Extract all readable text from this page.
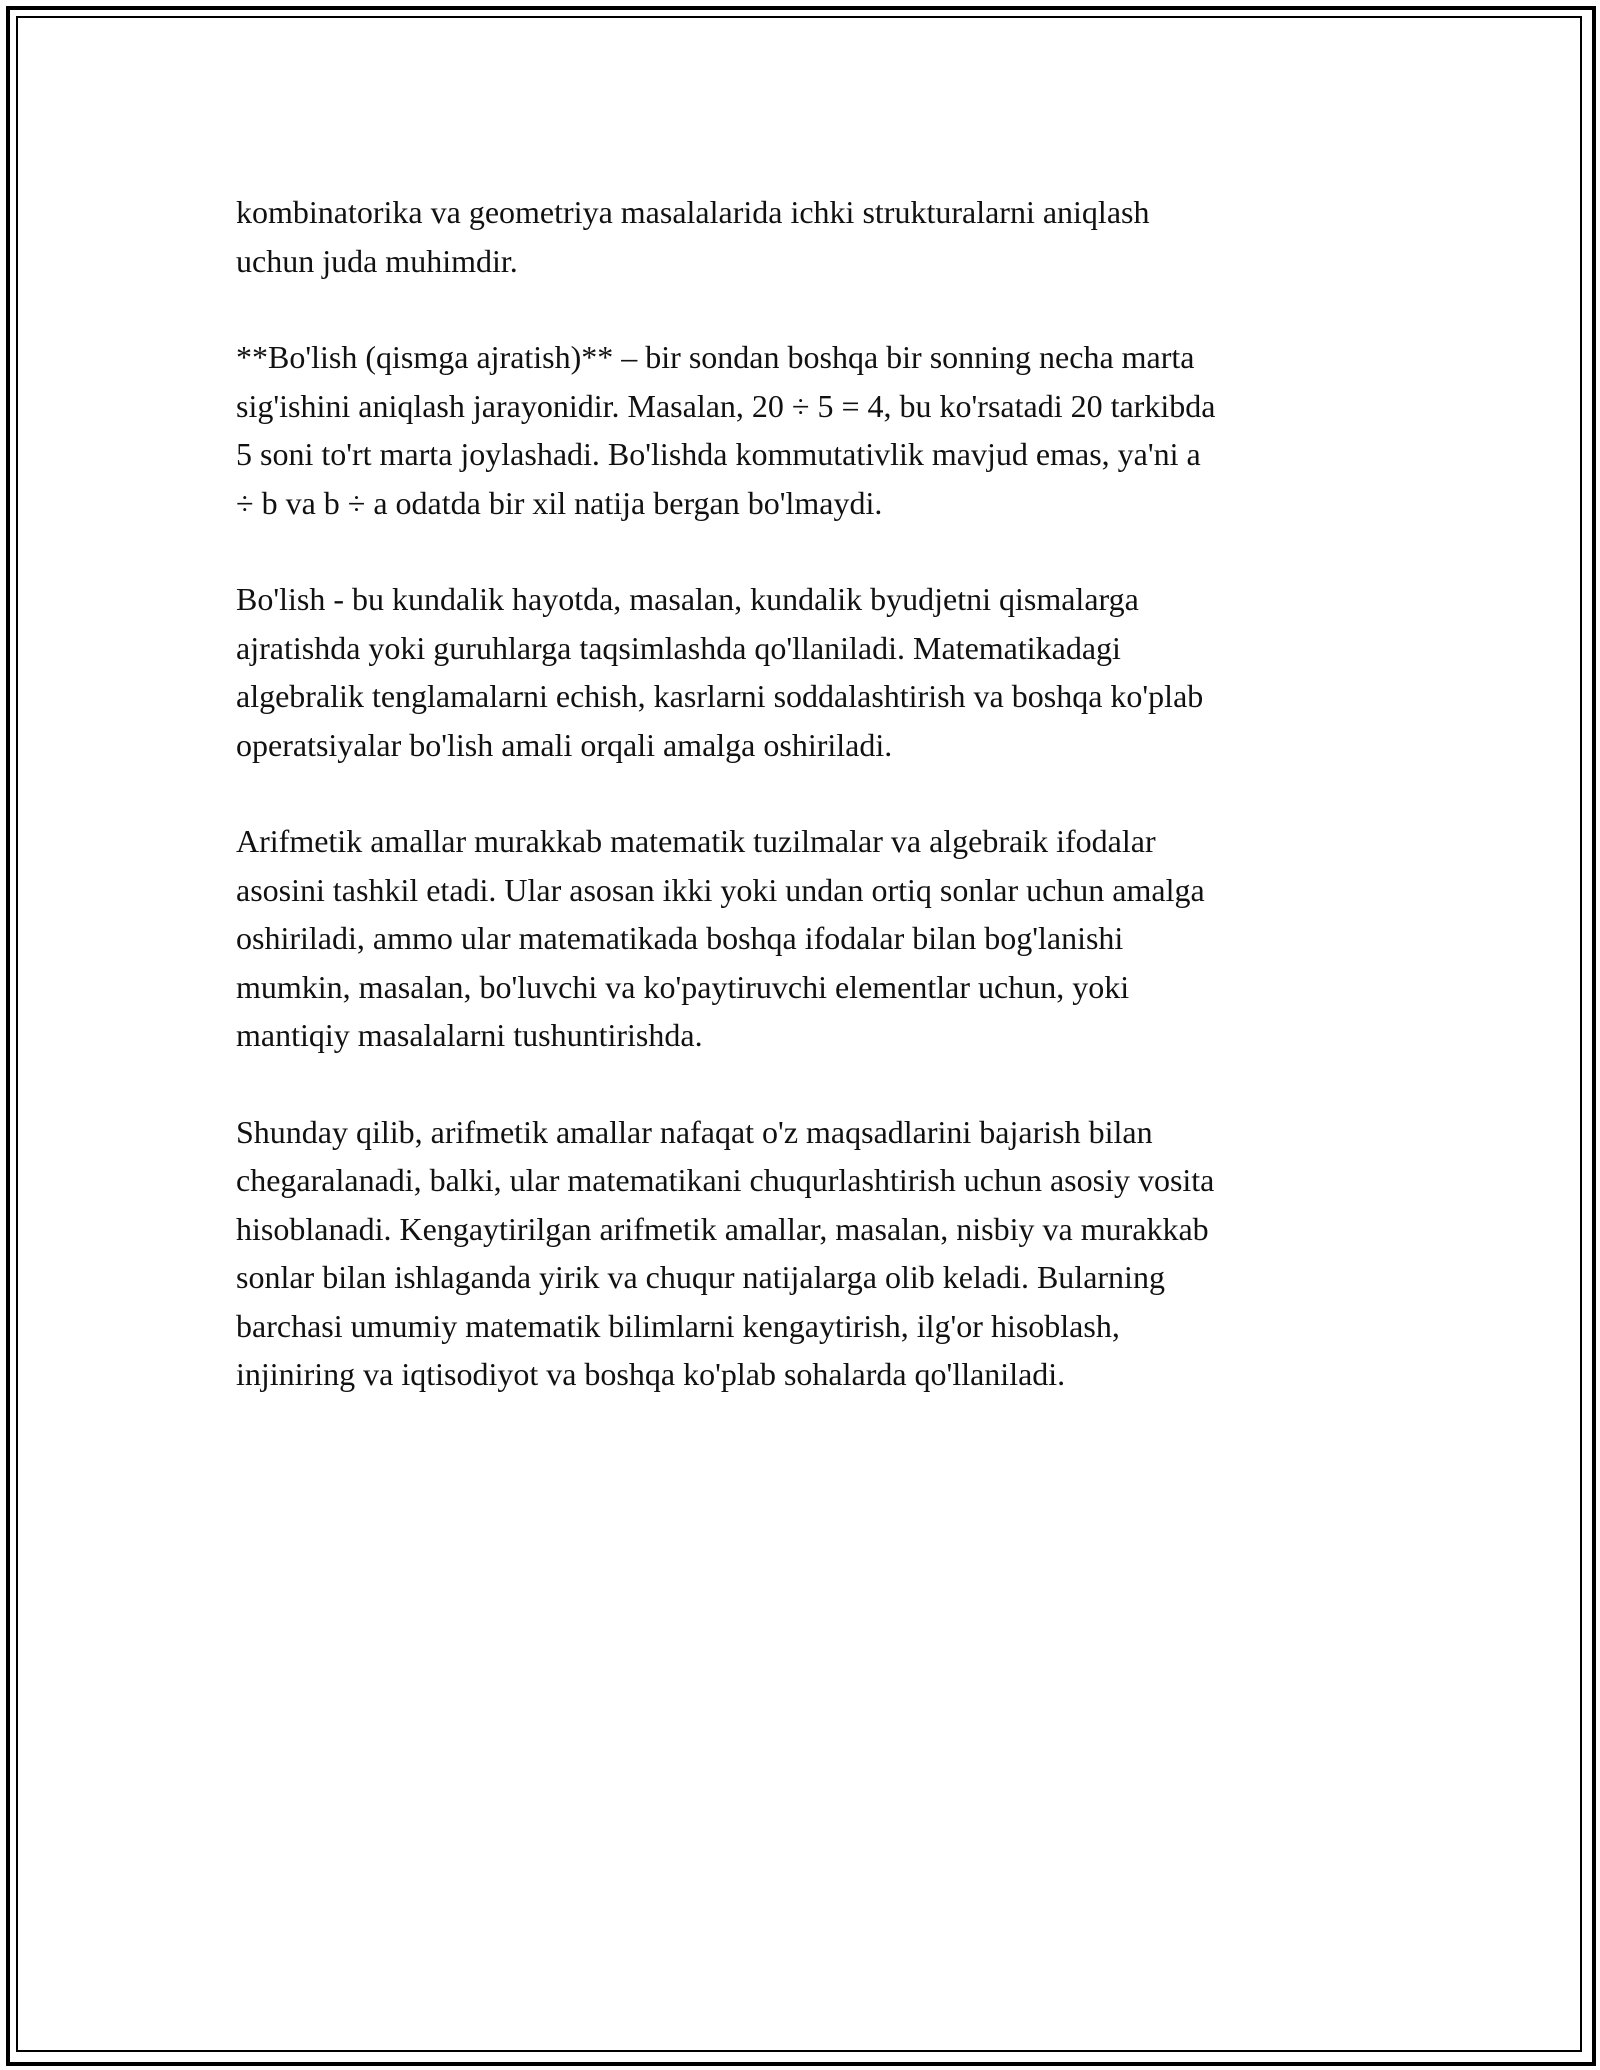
kombinatorika va geometriya masalalarida ichki strukturalarni aniqlash
uchun juda muhimdir.

**Bo'lish (qismga ajratish)** – bir sondan boshqa bir sonning necha marta
sig'ishini aniqlash jarayonidir. Masalan, 20 ÷ 5 = 4, bu ko'rsatadi 20 tarkibda
5 soni to'rt marta joylashadi. Bo'lishda kommutativlik mavjud emas, ya'ni a
÷ b va b ÷ a odatda bir xil natija bergan bo'lmaydi.

Bo'lish - bu kundalik hayotda, masalan, kundalik byudjetni qismalarga
ajratishda yoki guruhlarga taqsimlashda qo'llaniladi. Matematikadagi
algebralik tenglamalarni echish, kasrlarni soddalashtirish va boshqa ko'plab
operatsiyalar bo'lish amali orqali amalga oshiriladi.

Arifmetik amallar murakkab matematik tuzilmalar va algebraik ifodalar
asosini tashkil etadi. Ular asosan ikki yoki undan ortiq sonlar uchun amalga
oshiriladi, ammo ular matematikada boshqa ifodalar bilan bog'lanishi
mumkin, masalan, bo'luvchi va ko'paytiruvchi elementlar uchun, yoki
mantiqiy masalalarni tushuntirishda.

Shunday qilib, arifmetik amallar nafaqat o'z maqsadlarini bajarish bilan
chegaralanadi, balki, ular matematikani chuqurlashtirish uchun asosiy vosita
hisoblanadi. Kengaytirilgan arifmetik amallar, masalan, nisbiy va murakkab
sonlar bilan ishlaganda yirik va chuqur natijalarga olib keladi. Bularning
barchasi umumiy matematik bilimlarni kengaytirish, ilg'or hisoblash,
injiniring va iqtisodiyot va boshqa ko'plab sohalarda qo'llaniladi.
